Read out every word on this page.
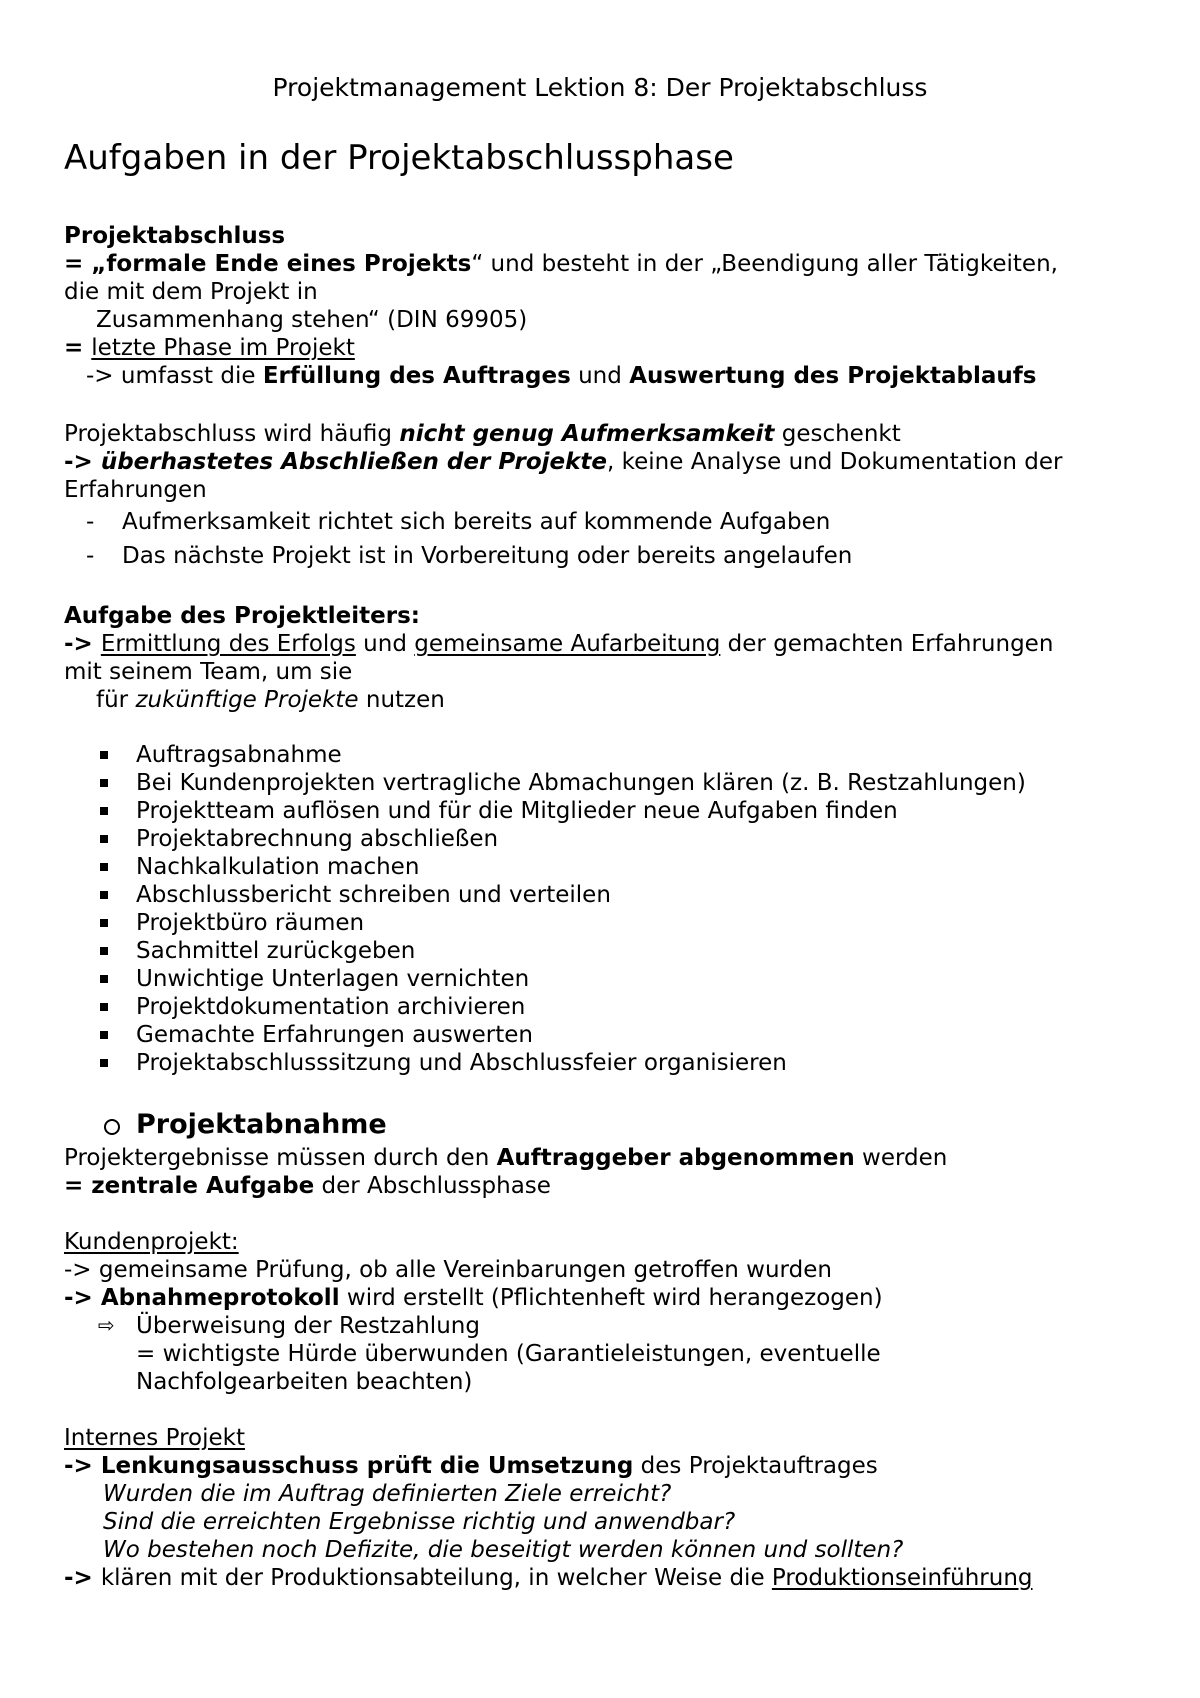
Projektmanagement Lektion 8: Der Projektabschluss
Aufgaben in der Projektabschlussphase
Projektabschluss
= „formale Ende eines Projekts“ und besteht in der „Beendigung aller Tätigkeiten,
die mit dem Projekt in
Zusammenhang stehen“ (DIN 69905)
= letzte Phase im Projekt
-> umfasst die Erfüllung des Auftrages und Auswertung des Projektablaufs
Projektabschluss wird häufig nicht genug Aufmerksamkeit geschenkt
-> überhastetes Abschließen der Projekte, keine Analyse und Dokumentation der
Erfahrungen
- Aufmerksamkeit richtet sich bereits auf kommende Aufgaben
- Das nächste Projekt ist in Vorbereitung oder bereits angelaufen
Aufgabe des Projektleiters:
-> Ermittlung des Erfolgs und gemeinsame Aufarbeitung der gemachten Erfahrungen
mit seinem Team, um sie
für zukünftige Projekte nutzen
Auftragsabnahme
Bei Kundenprojekten vertragliche Abmachungen klären (z. B. Restzahlungen)
Projektteam auflösen und für die Mitglieder neue Aufgaben finden
Projektabrechnung abschließen
Nachkalkulation machen
Abschlussbericht schreiben und verteilen
Projektbüro räumen
Sachmittel zurückgeben
Unwichtige Unterlagen vernichten
Projektdokumentation archivieren
Gemachte Erfahrungen auswerten
Projektabschlusssitzung und Abschlussfeier organisieren
Projektabnahme
Projektergebnisse müssen durch den Auftraggeber abgenommen werden
= zentrale Aufgabe der Abschlussphase
Kundenprojekt:
-> gemeinsame Prüfung, ob alle Vereinbarungen getroffen wurden
-> Abnahmeprotokoll wird erstellt (Pflichtenheft wird herangezogen)
⇨ Überweisung der Restzahlung
= wichtigste Hürde überwunden (Garantieleistungen, eventuelle
Nachfolgearbeiten beachten)
Internes Projekt
-> Lenkungsausschuss prüft die Umsetzung des Projektauftrages
Wurden die im Auftrag definierten Ziele erreicht?
Sind die erreichten Ergebnisse richtig und anwendbar?
Wo bestehen noch Defizite, die beseitigt werden können und sollten?
-> klären mit der Produktionsabteilung, in welcher Weise die Produktionseinführung
